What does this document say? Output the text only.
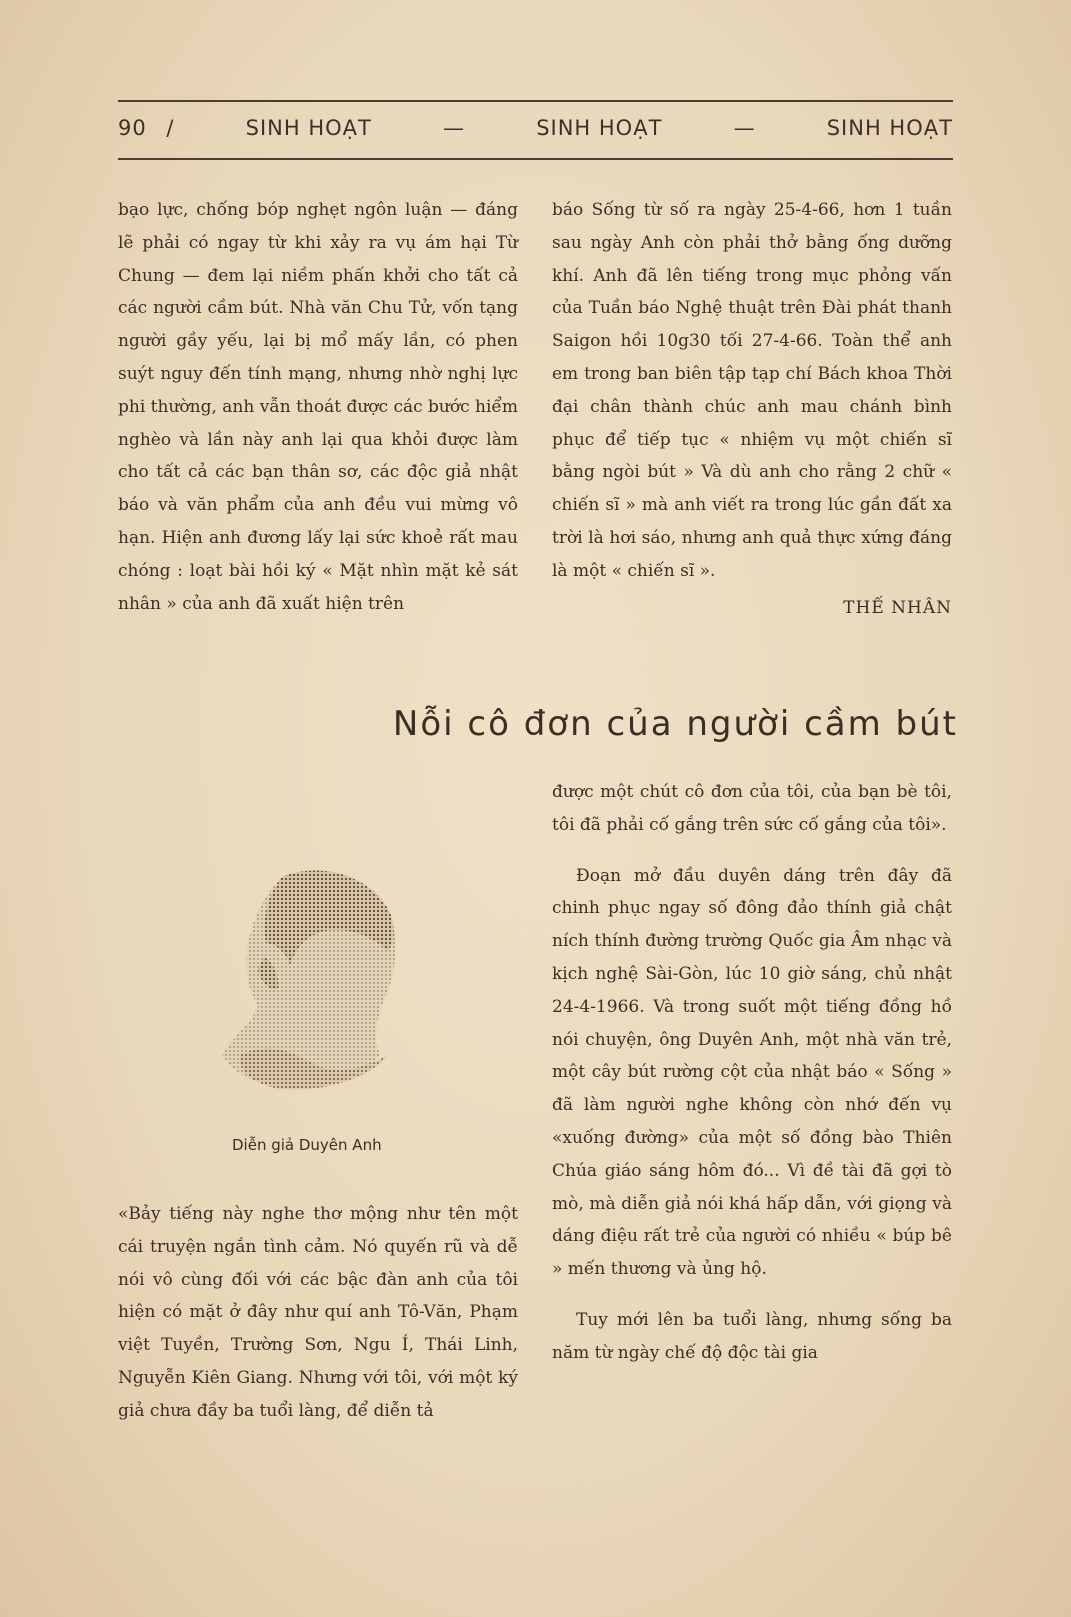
90 /	SINH HOẠT	—	SINH HOẠT	—	SINH HOẠT

bạo lực, chống bóp nghẹt ngôn luận — đáng lẽ phải có ngay từ khi xảy ra vụ ám hại Từ Chung — đem lại niềm phấn khởi cho tất cả các người cầm bút. Nhà văn Chu Tử, vốn tạng người gầy yếu, lại bị mổ mấy lần, có phen suýt nguy đến tính mạng, nhưng nhờ nghị lực phi thường, anh vẫn thoát được các bước hiểm nghèo và lần này anh lại qua khỏi được làm cho tất cả các bạn thân sơ, các độc giả nhật báo và văn phẩm của anh đều vui mừng vô hạn. Hiện anh đương lấy lại sức khoẻ rất mau chóng : loạt bài hồi ký « Mặt nhìn mặt kẻ sát nhân » của anh đã xuất hiện trên

báo Sống từ số ra ngày 25-4-66, hơn 1 tuần sau ngày Anh còn phải thở bằng ống dưỡng khí. Anh đã lên tiếng trong mục phỏng vấn của Tuần báo Nghệ thuật trên Đài phát thanh Saigon hồi 10g30 tối 27-4-66. Toàn thể anh em trong ban biên tập tạp chí Bách khoa Thời đại chân thành chúc anh mau chánh bình phục để tiếp tục « nhiệm vụ một chiến sĩ bằng ngòi bút » Và dù anh cho rằng 2 chữ « chiến sĩ » mà anh viết ra trong lúc gần đất xa trời là hơi sáo, nhưng anh quả thực xứng đáng là một « chiến sĩ ».

THẾ NHÂN

Nỗi cô đơn của người cầm bút
Diễn giả Duyên Anh

«Bảy tiếng này nghe thơ mộng như tên một cái truyện ngắn tình cảm. Nó quyến rũ và dễ nói vô cùng đối với các bậc đàn anh của tôi hiện có mặt ở đây như quí anh Tô-Văn, Phạm việt Tuyền, Trường Sơn, Ngu Í, Thái Linh, Nguyễn Kiên Giang. Nhưng với tôi, với một ký giả chưa đầy ba tuổi làng, để diễn tả

được một chút cô đơn của tôi, của bạn bè tôi, tôi đã phải cố gắng trên sức cố gắng của tôi».

Đoạn mở đầu duyên dáng trên đây đã chinh phục ngay số đông đảo thính giả chật ních thính đường trường Quốc gia Âm nhạc và kịch nghệ Sài-Gòn, lúc 10 giờ sáng, chủ nhật 24-4-1966. Và trong suốt một tiếng đồng hồ nói chuyện, ông Duyên Anh, một nhà văn trẻ, một cây bút rường cột của nhật báo « Sống » đã làm người nghe không còn nhớ đến vụ «xuống đường» của một số đồng bào Thiên Chúa giáo sáng hôm đó... Vì đề tài đã gợi tò mò, mà diễn giả nói khá hấp dẫn, với giọng và dáng điệu rất trẻ của người có nhiều « búp bê » mến thương và ủng hộ.

Tuy mới lên ba tuổi làng, nhưng sống ba năm từ ngày chế độ độc tài gia
